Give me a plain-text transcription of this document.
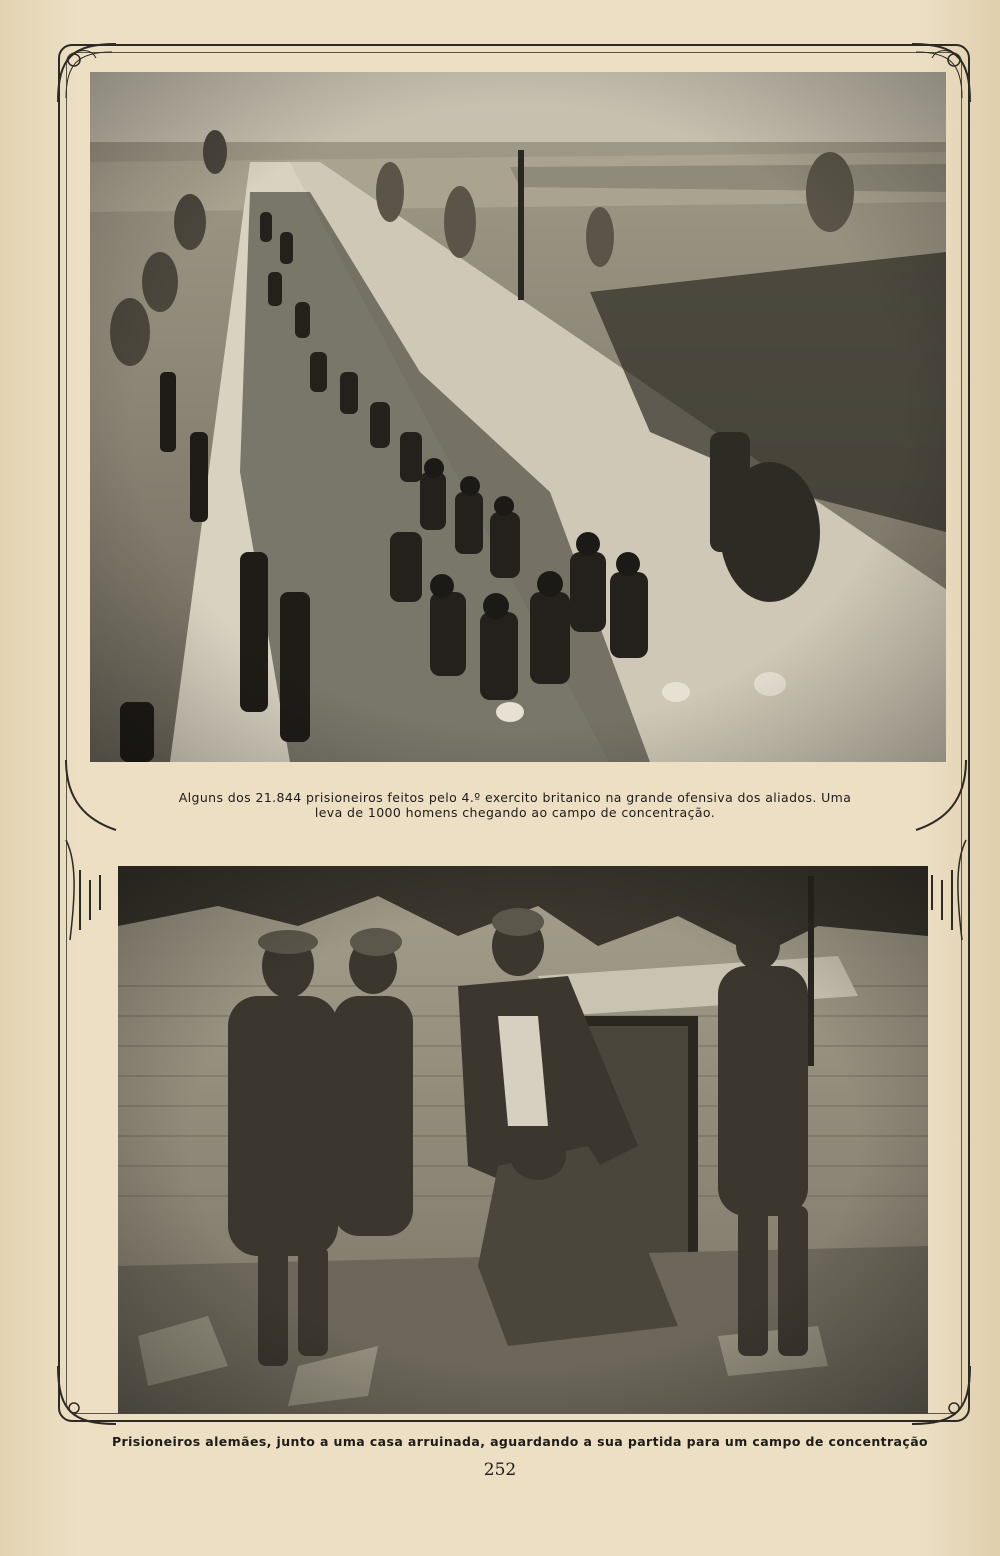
Alguns dos 21.844 prisioneiros feitos pelo 4.º exercito britanico na grande ofensiva dos aliados. Uma
leva de 1000 homens chegando ao campo de concentração.
Prisioneiros alemães, junto a uma casa arruinada, aguardando a sua partida para um campo de concentração
252
